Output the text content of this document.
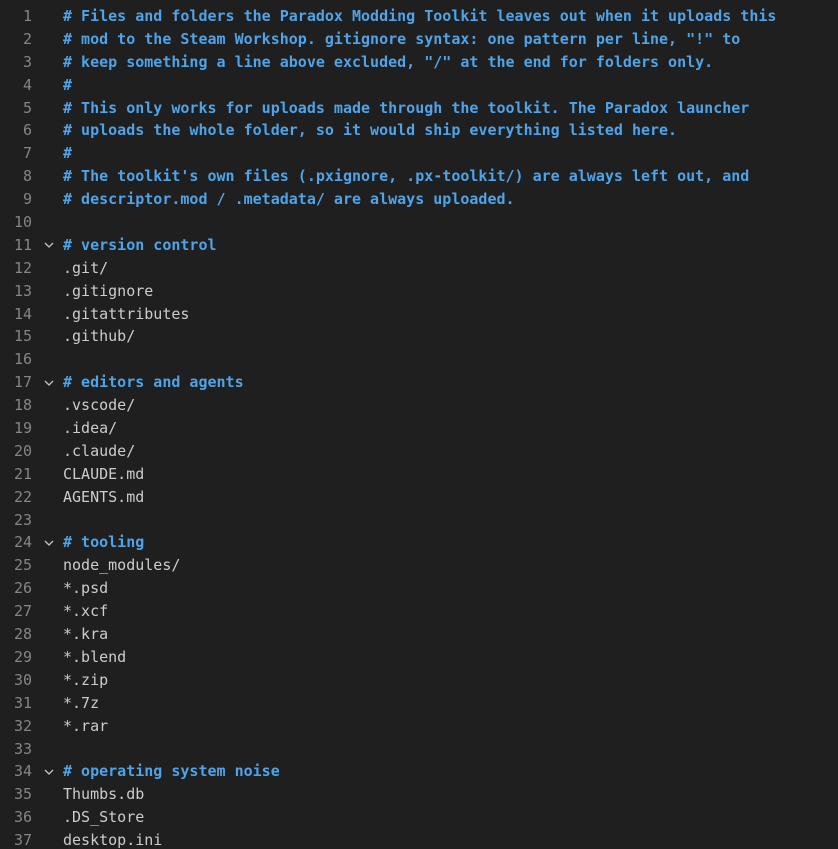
1 # Files and folders the Paradox Modding Toolkit leaves out when it uploads this
2 # mod to the Steam Workshop. gitignore syntax: one pattern per line, "!" to
3 # keep something a line above excluded, "/" at the end for folders only.
4 #
5 # This only works for uploads made through the toolkit. The Paradox launcher
6 # uploads the whole folder, so it would ship everything listed here.
7 #
8 # The toolkit's own files (.pxignore, .px-toolkit/) are always left out, and
9 # descriptor.mod / .metadata/ are always uploaded.
10
11 # version control
12 .git/
13 .gitignore
14 .gitattributes
15 .github/
16
17 # editors and agents
18 .vscode/
19 .idea/
20 .claude/
21 CLAUDE.md
22 AGENTS.md
23
24 # tooling
25 node_modules/
26 *.psd
27 *.xcf
28 *.kra
29 *.blend
30 *.zip
31 *.7z
32 *.rar
33
34 # operating system noise
35 Thumbs.db
36 .DS_Store
37 desktop.ini
